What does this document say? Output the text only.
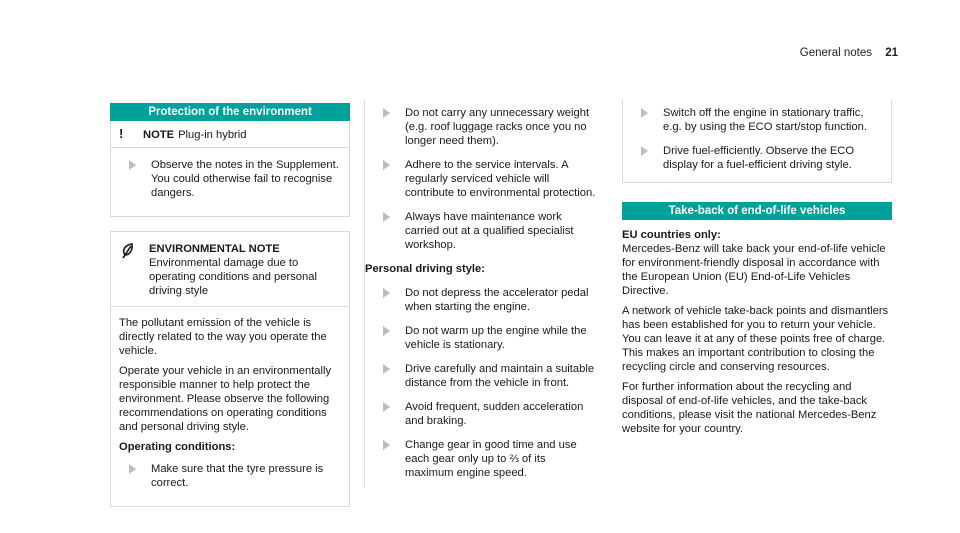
General notes 21
Protection of the environment
!	NOTE Plug-in hybrid
Observe the notes in the Supplement. You could otherwise fail to recognise dangers.
ENVIRONMENTAL NOTE Environmental damage due to operating conditions and personal driving style

The pollutant emission of the vehicle is directly related to the way you operate the vehicle.

Operate your vehicle in an environmentally responsible manner to help protect the environment. Please observe the following recommendations on operating conditions and personal driving style.

Operating conditions:
Make sure that the tyre pressure is correct.
Do not carry any unnecessary weight (e.g. roof luggage racks once you no longer need them).
Adhere to the service intervals. A regularly serviced vehicle will contribute to environmental protection.
Always have maintenance work carried out at a qualified specialist workshop.
Personal driving style:
Do not depress the accelerator pedal when starting the engine.
Do not warm up the engine while the vehicle is stationary.
Drive carefully and maintain a suitable distance from the vehicle in front.
Avoid frequent, sudden acceleration and braking.
Change gear in good time and use each gear only up to ⅔ of its maximum engine speed.
Switch off the engine in stationary traffic, e.g. by using the ECO start/stop function.
Drive fuel-efficiently. Observe the ECO display for a fuel-efficient driving style.
Take-back of end-of-life vehicles
EU countries only:

Mercedes-Benz will take back your end-of-life vehicle for environment-friendly disposal in accordance with the European Union (EU) End-of-Life Vehicles Directive.

A network of vehicle take-back points and dismantlers has been established for you to return your vehicle. You can leave it at any of these points free of charge. This makes an important contribution to closing the recycling circle and conserving resources.

For further information about the recycling and disposal of end-of-life vehicles, and the take-back conditions, please visit the national Mercedes-Benz website for your country.
